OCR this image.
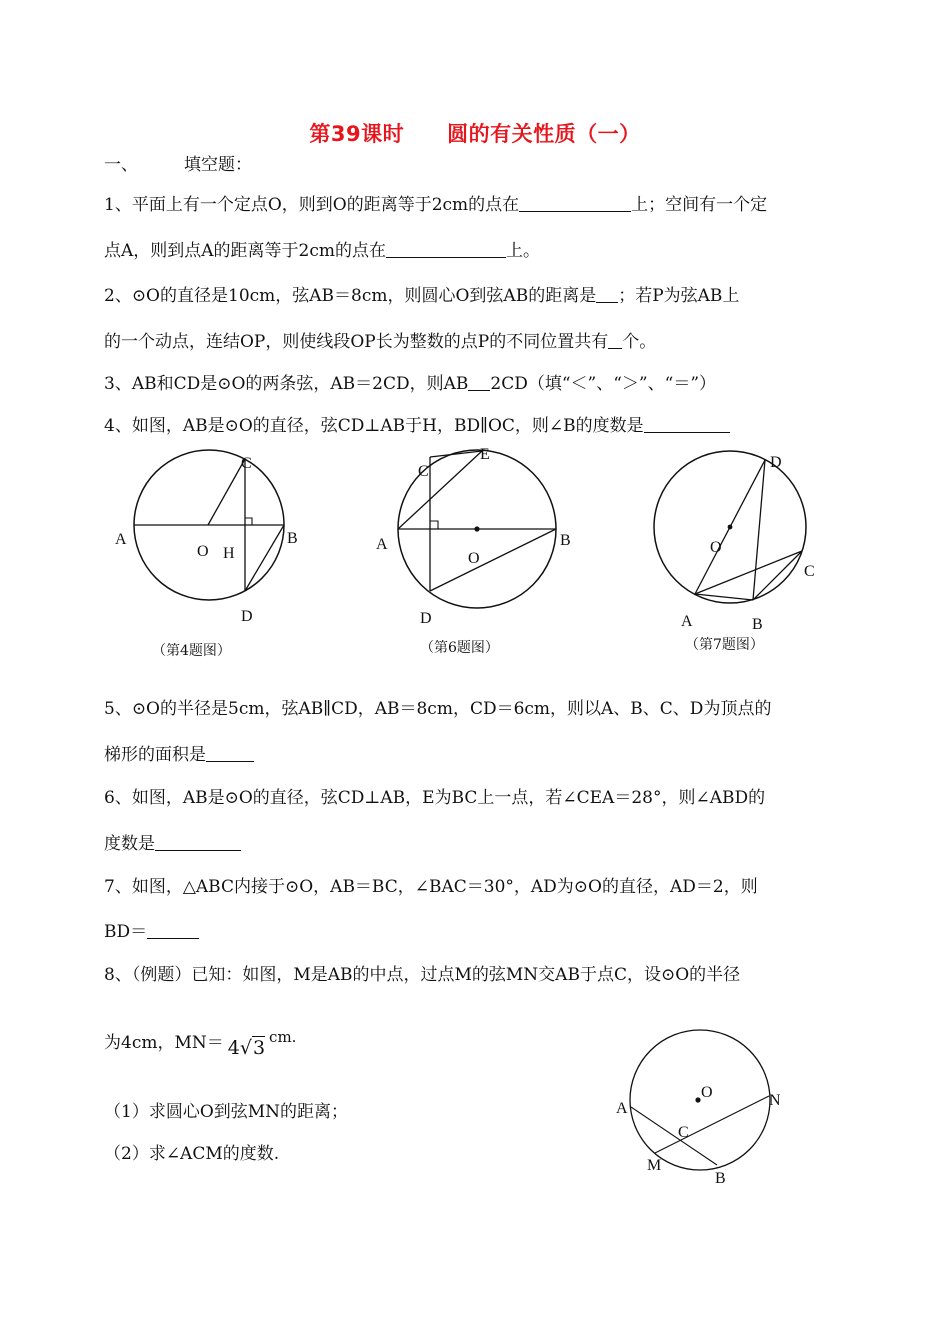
第39课时　　圆的有关性质（一）
一、	填空题：
1、平面上有一个定点O，则到O的距离等于2cm的点在	上；空间有一个定
点A，则到点A的距离等于2cm的点在	上。
2、⊙O的直径是10cm，弦AB＝8cm，则圆心O到弦AB的距离是 ；若P为弦AB上
的一个动点，连结OP，则使线段OP长为整数的点P的不同位置共有 个。
3、AB和CD是⊙O的两条弦，AB＝2CD，则AB 2CD（填“＜”、“＞”、“＝”）
4、如图，AB是⊙O的直径，弦CD⊥AB于H，BD∥OC，则∠B的度数是
C
A	B
O H
D
（第4题图）
C
E
A	B
O
D
（第6题图）
D
O
C
A	B
（第7题图）
5、⊙O的半径是5cm，弦AB∥CD，AB＝8cm，CD＝6cm，则以A、B、C、D为顶点的
梯形的面积是
6、如图，AB是⊙O的直径，弦CD⊥AB，E为BC上一点，若∠CEA＝28°，则∠ABD的
度数是
7、如图，△ABC内接于⊙O，AB＝BC，∠BAC＝30°，AD为⊙O的直径，AD＝2，则
BD＝
8、（例题）已知：如图，M是AB的中点，过点M的弦MN交AB于点C，设⊙O的半径
为4cm，MN＝ 4√3 cm.
（1）求圆心O到弦MN的距离；
（2）求∠ACM的度数.
O
A	N
C
M
B
